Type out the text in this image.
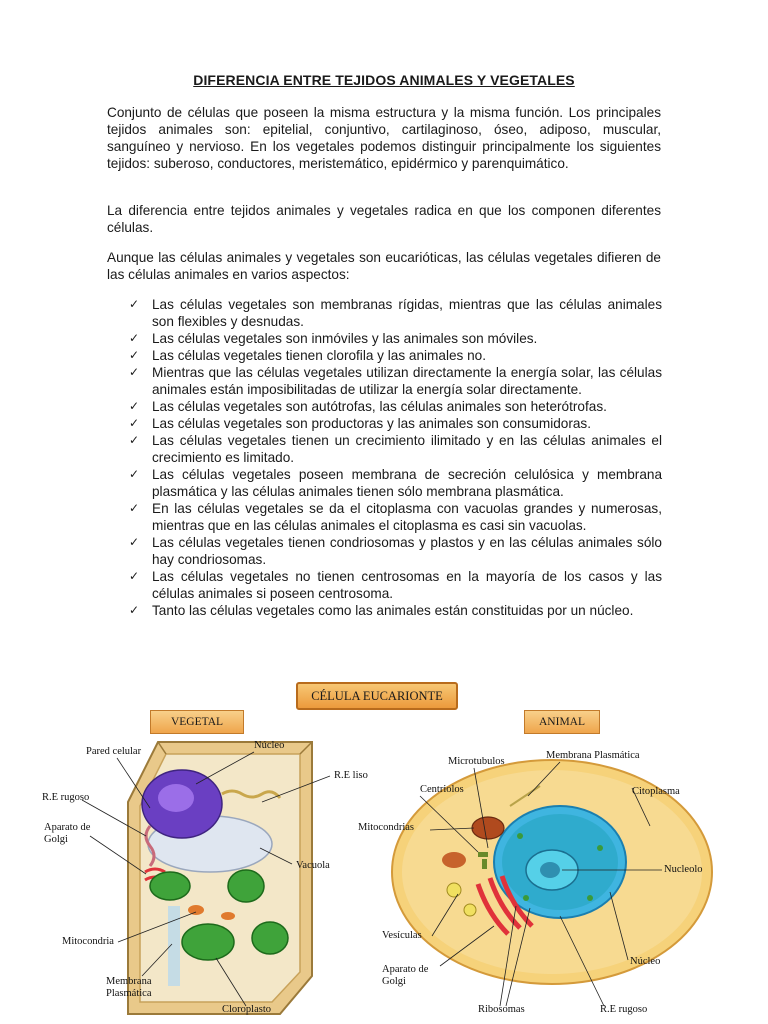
DIFERENCIA ENTRE TEJIDOS ANIMALES Y VEGETALES

Conjunto de células que poseen la misma estructura y la misma función. Los principales tejidos animales son: epitelial, conjuntivo, cartilaginoso, óseo, adiposo, muscular, sanguíneo y nervioso. En los vegetales podemos distinguir principalmente los siguientes tejidos: suberoso, conductores, meristemático, epidérmico y parenquimático.

La diferencia entre tejidos animales y vegetales radica en que los componen diferentes células.

Aunque las células animales y vegetales son eucarióticas, las células vegetales difieren de las células animales en varios aspectos:

✓ Las células vegetales son membranas rígidas, mientras que las células animales son flexibles y desnudas.
✓ Las células vegetales son inmóviles y las animales son móviles.
✓ Las células vegetales tienen clorofila y las animales no.
✓ Mientras que las células vegetales utilizan directamente la energía solar, las células animales están imposibilitadas de utilizar la energía solar directamente.
✓ Las células vegetales son autótrofas, las células animales son heterótrofas.
✓ Las células vegetales son productoras y las animales son consumidoras.
✓ Las células vegetales tienen un crecimiento ilimitado y en las células animales el crecimiento es limitado.
✓ Las células vegetales poseen membrana de secreción celulósica y membrana plasmática y las células animales tienen sólo membrana plasmática.
✓ En las células vegetales se da el citoplasma con vacuolas grandes y numerosas, mientras que en las células animales el citoplasma es casi sin vacuolas.
✓ Las células vegetales tienen condriosomas y plastos y en las células animales sólo hay condriosomas.
✓ Las células vegetales no tienen centrosomas en la mayoría de los casos y las células animales si poseen centrosoma.
✓ Tanto las células vegetales como las animales están constituidas por un núcleo.
CÉLULA EUCARIONTE
VEGETAL	ANIMAL
Pared celular
Núcleo
R.E liso
R.E rugoso
Aparato de Golgi
Vacuola
Mitocondria
Membrana Plasmática
Cloroplasto
Microtubulos
Membrana Plasmática
Centriolos	Citoplasma
Mitocondrias
Nucleolo
Vesículas
Núcleo
Aparato de Golgi
Ribosomas	R.E rugoso
